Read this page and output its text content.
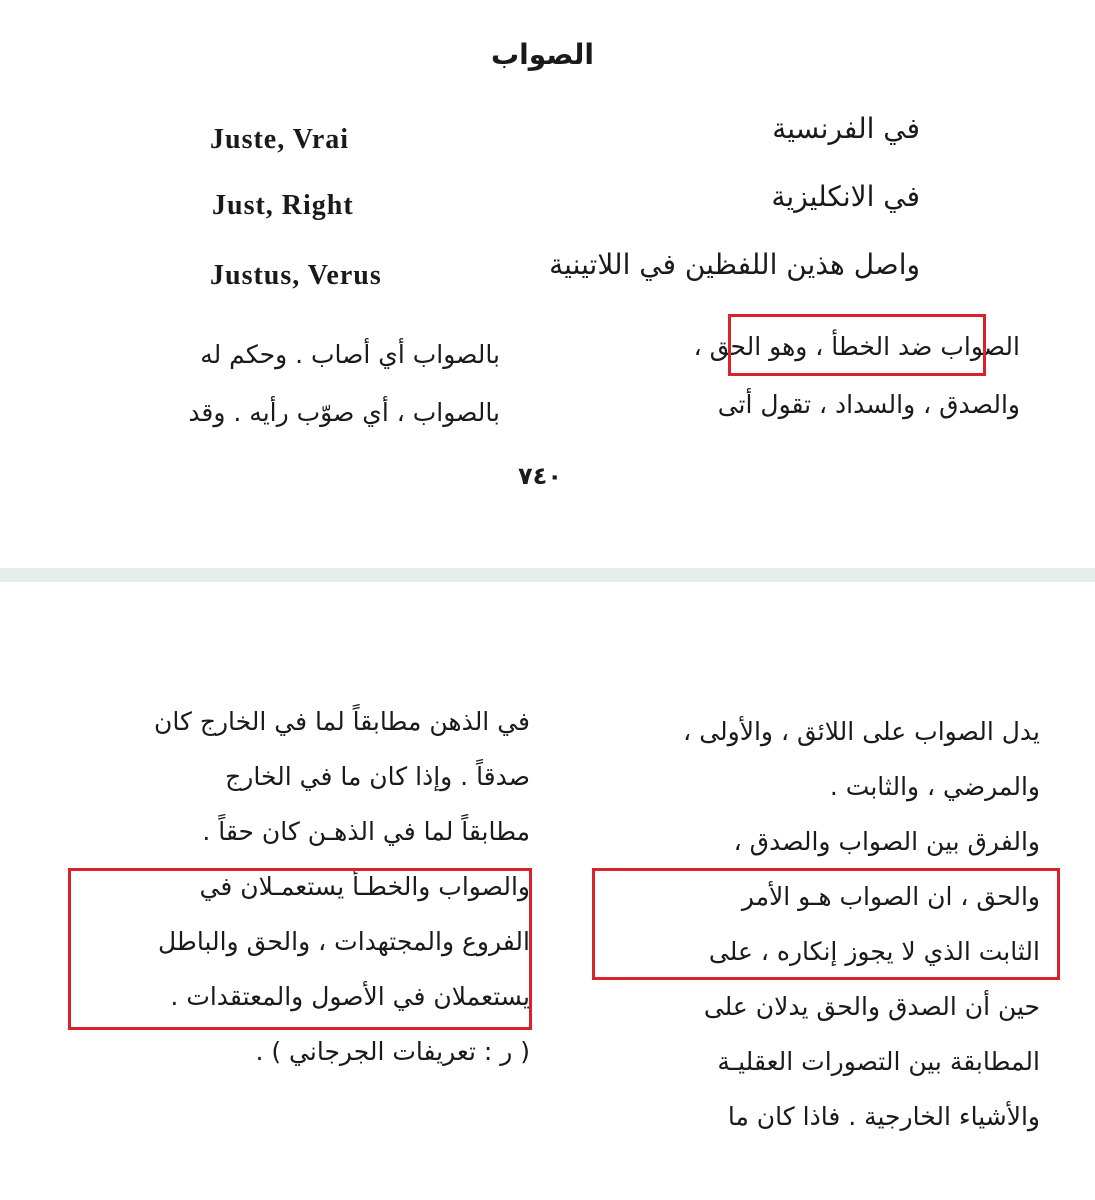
الصواب
في الفرنسية
Juste, Vrai
في الانكليزية
Just, Right
واصل هذين اللفظين في اللاتينية
Justus, Verus
الصواب ضد الخطأ ، وهو الحق ،
والصدق ، والسداد ، تقول أتى
بالصواب أي أصاب . وحكم له
بالصواب ، أي صوّب رأيه . وقد
٧٤٠
يدل الصواب على اللائق ، والأولى ،
والمرضي ، والثابت .
والفرق بين الصواب والصدق ،
والحق ، ان الصواب هـو الأمر
الثابت الذي لا يجوز إنكاره ، على
حين أن الصدق والحق يدلان على
المطابقة بين التصورات العقليـة
والأشياء الخارجية . فاذا كان ما
في الذهن مطابقاً لما في الخارج كان
صدقاً . وإذا كان ما في الخارج
مطابقاً لما في الذهـن كان حقاً .
والصواب والخطـأ يستعمـلان في
الفروع والمجتهدات ، والحق والباطل
يستعملان في الأصول والمعتقدات .
( ر : تعريفات الجرجاني ) .
